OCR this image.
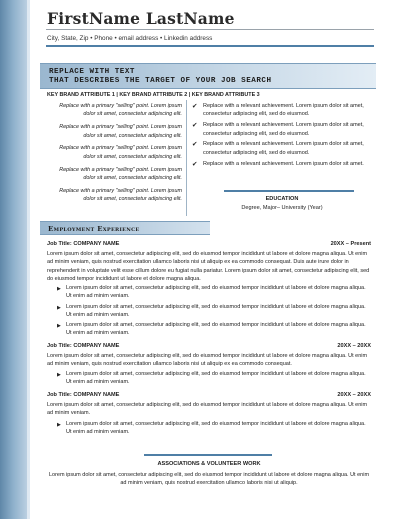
FirstName LastName
City, State, Zip • Phone • email address • Linkedin address
REPLACE WITH TEXT
THAT DESCRIBES THE TARGET OF YOUR JOB SEARCH
KEY BRAND ATTRIBUTE 1 | KEY BRAND ATTRIBUTE 2 | KEY BRAND ATTRIBUTE 3
Replace with a primary "selling" point. Lorem ipsum dolor sit amet, consectetur adipiscing elit.
Replace with a primary "selling" point. Lorem ipsum dolor sit amet, consectetur adipiscing elit.
Replace with a primary "selling" point. Lorem ipsum dolor sit amet, consectetur adipiscing elit.
Replace with a primary "selling" point. Lorem ipsum dolor sit amet, consectetur adipiscing elit.
Replace with a primary "selling" point. Lorem ipsum dolor sit amet, consectetur adipiscing elit.
✔ Replace with a relevant achievement. Lorem ipsum dolor sit amet, consectetur adipiscing elit, sed do eiusmod.
✔ Replace with a relevant achievement. Lorem ipsum dolor sit amet, consectetur adipiscing elit, sed do eiusmod.
✔ Replace with a relevant achievement. Lorem ipsum dolor sit amet, consectetur adipiscing elit, sed do eiusmod.
✔ Replace with a relevant achievement. Lorem ipsum dolor sit amet.
EDUCATION
Degree, Major– University (Year)
Employment Experience
Job Title: COMPANY NAME	20XX – Present
Lorem ipsum dolor sit amet, consectetur adipiscing elit, sed do eiusmod tempor incididunt ut labore et dolore magna aliqua. Ut enim ad minim veniam, quis nostrud exercitation ullamco laboris nisi ut aliquip ex ea commodo consequat. Duis aute irure dolor in reprehenderit in voluptate velit esse cillum dolore eu fugiat nulla pariatur. Lorem ipsum dolor sit amet, consectetur adipiscing elit, sed do eiusmod tempor incididunt ut labore et dolore magna aliqua.
▶ Lorem ipsum dolor sit amet, consectetur adipiscing elit, sed do eiusmod tempor incididunt ut labore et dolore magna aliqua. Ut enim ad minim veniam.
▶ Lorem ipsum dolor sit amet, consectetur adipiscing elit, sed do eiusmod tempor incididunt ut labore et dolore magna aliqua. Ut enim ad minim veniam.
▶ Lorem ipsum dolor sit amet, consectetur adipiscing elit, sed do eiusmod tempor incididunt ut labore et dolore magna aliqua. Ut enim ad minim veniam.
Job Title: COMPANY NAME	20XX – 20XX
Lorem ipsum dolor sit amet, consectetur adipiscing elit, sed do eiusmod tempor incididunt ut labore et dolore magna aliqua. Ut enim ad minim veniam, quis nostrud exercitation ullamco laboris nisi ut aliquip ex ea commodo consequat.
▶ Lorem ipsum dolor sit amet, consectetur adipiscing elit, sed do eiusmod tempor incididunt ut labore et dolore magna aliqua. Ut enim ad minim veniam.
Job Title: COMPANY NAME	20XX – 20XX
Lorem ipsum dolor sit amet, consectetur adipiscing elit, sed do eiusmod tempor incididunt ut labore et dolore magna aliqua. Ut enim ad minim veniam.
▶ Lorem ipsum dolor sit amet, consectetur adipiscing elit, sed do eiusmod tempor incididunt ut labore et dolore magna aliqua. Ut enim ad minim veniam.
ASSOCIATIONS & VOLUNTEER WORK
Lorem ipsum dolor sit amet, consectetur adipiscing elit, sed do eiusmod tempor incididunt ut labore et dolore magna aliqua. Ut enim ad minim veniam, quis nostrud exercitation ullamco laboris nisi ut aliquip.
